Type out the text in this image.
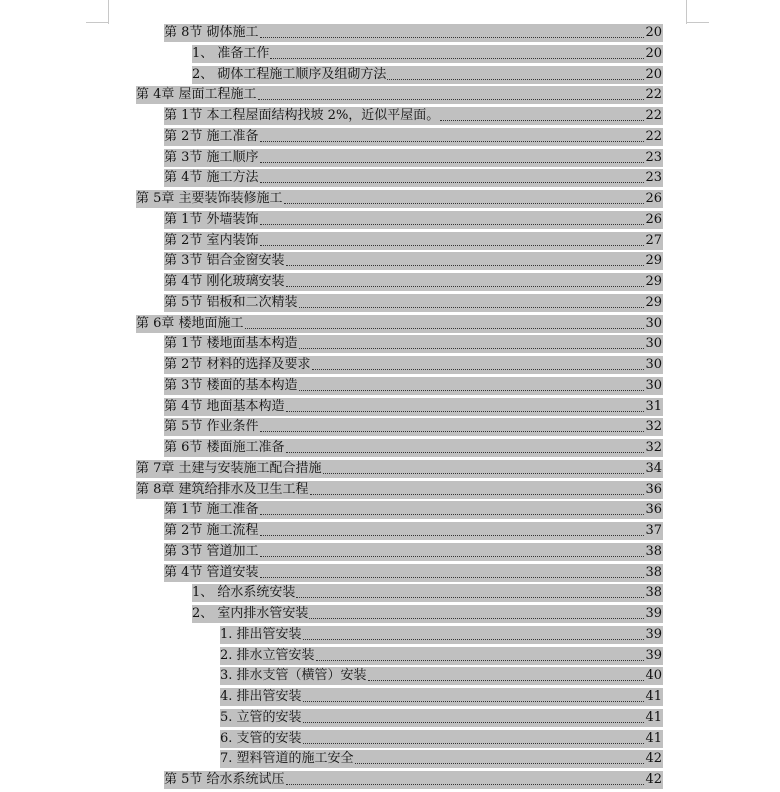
第 8节 砌体施工	20
1、 准备工作	20
2、 砌体工程施工顺序及组砌方法	20
第 4章 屋面工程施工	22
第 1节 本工程屋面结构找坡 2%，近似平屋面。	22
第 2节 施工准备	22
第 3节 施工顺序	23
第 4节 施工方法	23
第 5章 主要装饰装修施工	26
第 1节 外墙装饰	26
第 2节 室内装饰	27
第 3节 铝合金窗安装	29
第 4节 刚化玻璃安装	29
第 5节 铝板和二次精装	29
第 6章 楼地面施工	30
第 1节 楼地面基本构造	30
第 2节 材料的选择及要求	30
第 3节 楼面的基本构造	30
第 4节 地面基本构造	31
第 5节 作业条件	32
第 6节 楼面施工准备	32
第 7章 土建与安装施工配合措施	34
第 8章 建筑给排水及卫生工程	36
第 1节 施工准备	36
第 2节 施工流程	37
第 3节 管道加工	38
第 4节 管道安装	38
1、 给水系统安装	38
2、 室内排水管安装	39
1. 排出管安装	39
2. 排水立管安装	39
3. 排水支管（横管）安装	40
4. 排出管安装	41
5. 立管的安装	41
6. 支管的安装	41
7. 塑料管道的施工安全	42
第 5节 给水系统试压	42
